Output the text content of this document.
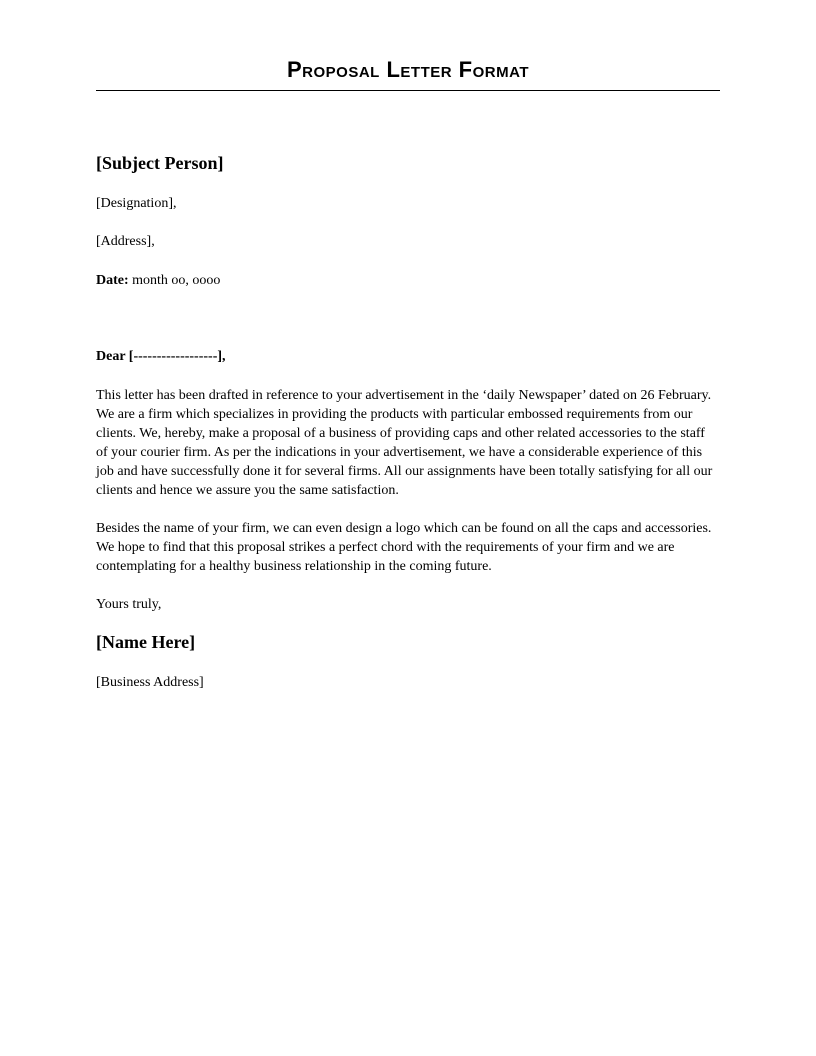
Proposal Letter Format

[Subject Person]

[Designation],

[Address],

Date: month oo, oooo

Dear [------------------],

This letter has been drafted in reference to your advertisement in the ‘daily Newspaper’ dated on 26 February. We are a firm which specializes in providing the products with particular embossed requirements from our clients. We, hereby, make a proposal of a business of providing caps and other related accessories to the staff of your courier firm. As per the indications in your advertisement, we have a considerable experience of this job and have successfully done it for several firms. All our assignments have been totally satisfying for all our clients and hence we assure you the same satisfaction.

Besides the name of your firm, we can even design a logo which can be found on all the caps and accessories. We hope to find that this proposal strikes a perfect chord with the requirements of your firm and we are contemplating for a healthy business relationship in the coming future.

Yours truly,

[Name Here]

[Business Address]
